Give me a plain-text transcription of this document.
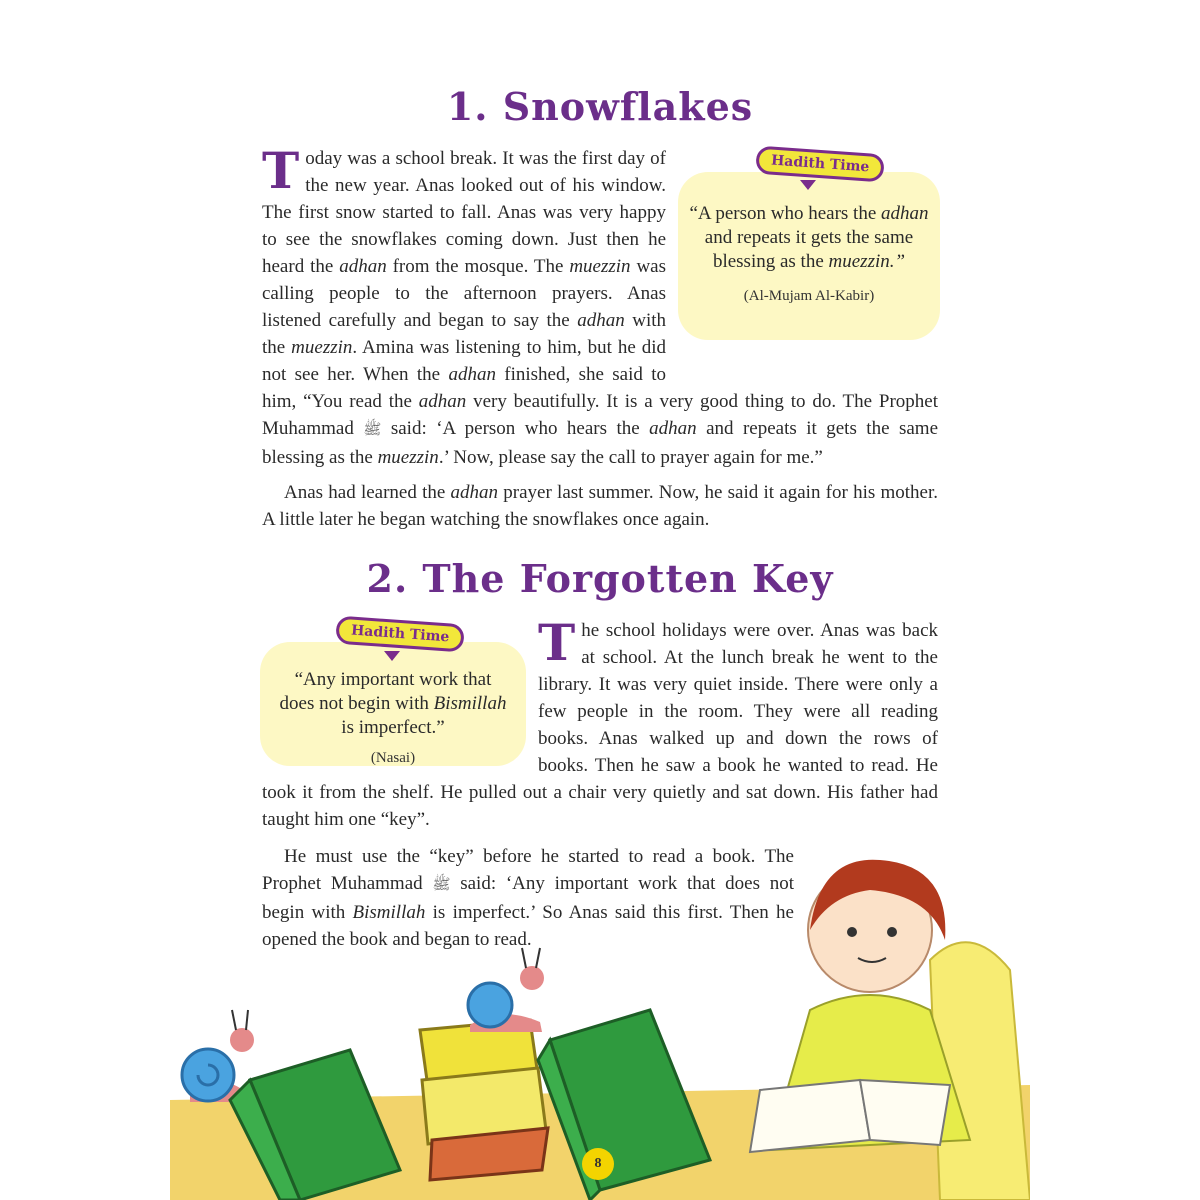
1. Snowflakes

“A person who hears the adhan and repeats it gets the same blessing as the muezzin.”

(Al-Mujam Al-Kabir)
Hadith Time
Today was a school break. It was the first day of the new year. Anas looked out of his window. The first snow started to fall. Anas was very happy to see the snowflakes coming down. Just then he heard the adhan from the mosque. The muezzin was calling people to the afternoon prayers. Anas listened carefully and began to say the adhan with the muezzin. Amina was listening to him, but he did not see her. When the adhan finished, she said to him, “You read the adhan very beautifully. It is a very good thing to do. The Prophet Muhammad ﷺ said: ‘A person who hears the adhan and repeats it gets the same blessing as the muezzin.’ Now, please say the call to prayer again for me.”
Anas had learned the adhan prayer last summer. Now, he said it again for his mother. A little later he began watching the snowflakes once again.
2. The Forgotten Key

“Any important work that does not begin with Bismillah is imperfect.”

(Nasai)
Hadith Time	The school holidays were over. Anas was back at school. At the lunch break he went to the library. It was very quiet inside. There were only a few people in the room. They were all reading books. Anas walked up and down the rows of books. Then he saw a book he wanted to read. He took it from the shelf. He pulled out a chair very quietly and sat down. His father had taught him one “key”.
He must use the “key” before he started to read a book. The Prophet Muhammad ﷺ said: ‘Any important work that does not begin with Bismillah is imperfect.’ So Anas said this first. Then he opened the book and began to read.
8
